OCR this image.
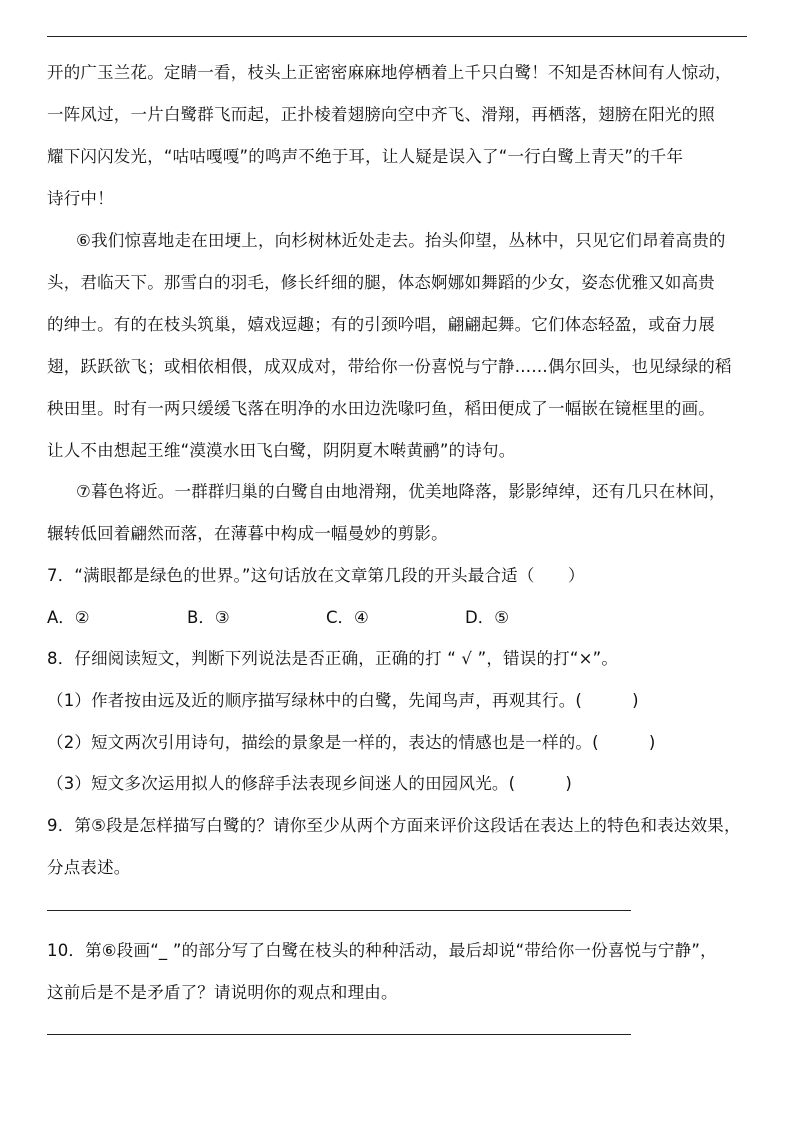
开的广玉兰花。定睛一看，枝头上正密密麻麻地停栖着上千只白鹭！不知是否林间有人惊动，
一阵风过，一片白鹭群飞而起，正扑棱着翅膀向空中齐飞、滑翔，再栖落，翅膀在阳光的照
耀下闪闪发光，“咕咕嘎嘎”的鸣声不绝于耳，让人疑是误入了“一行白鹭上青天”的千年
诗行中！
⑥我们惊喜地走在田埂上，向杉树林近处走去。抬头仰望，丛林中，只见它们昂着高贵的
头，君临天下。那雪白的羽毛，修长纤细的腿，体态婀娜如舞蹈的少女，姿态优雅又如高贵
的绅士。有的在枝头筑巢，嬉戏逗趣；有的引颈吟唱，翩翩起舞。它们体态轻盈，或奋力展
翅，跃跃欲飞；或相依相偎，成双成对，带给你一份喜悦与宁静……偶尔回头，也见绿绿的稻
秧田里。时有一两只缓缓飞落在明净的水田边洗喙叼鱼，稻田便成了一幅嵌在镜框里的画。
让人不由想起王维“漠漠水田飞白鹭，阴阴夏木啭黄鹂”的诗句。
⑦暮色将近。一群群归巢的白鹭自由地滑翔，优美地降落，影影绰绰，还有几只在林间，
辗转低回着翩然而落，在薄暮中构成一幅曼妙的剪影。
7．“满眼都是绿色的世界。”这句话放在文章第几段的开头最合适（　　）
A．②	B．③	C．④	D．⑤
8．仔细阅读短文，判断下列说法是否正确，正确的打 “ √ ”，错误的打“×”。
（1）作者按由远及近的顺序描写绿林中的白鹭，先闻鸟声，再观其行。(　　　)
（2）短文两次引用诗句，描绘的景象是一样的，表达的情感也是一样的。(　　　)
（3）短文多次运用拟人的修辞手法表现乡间迷人的田园风光。(　　　)
9．第⑤段是怎样描写白鹭的？请你至少从两个方面来评价这段话在表达上的特色和表达效果，
分点表述。
10．第⑥段画“_ ”的部分写了白鹭在枝头的种种活动，最后却说“带给你一份喜悦与宁静”，
这前后是不是矛盾了？请说明你的观点和理由。
